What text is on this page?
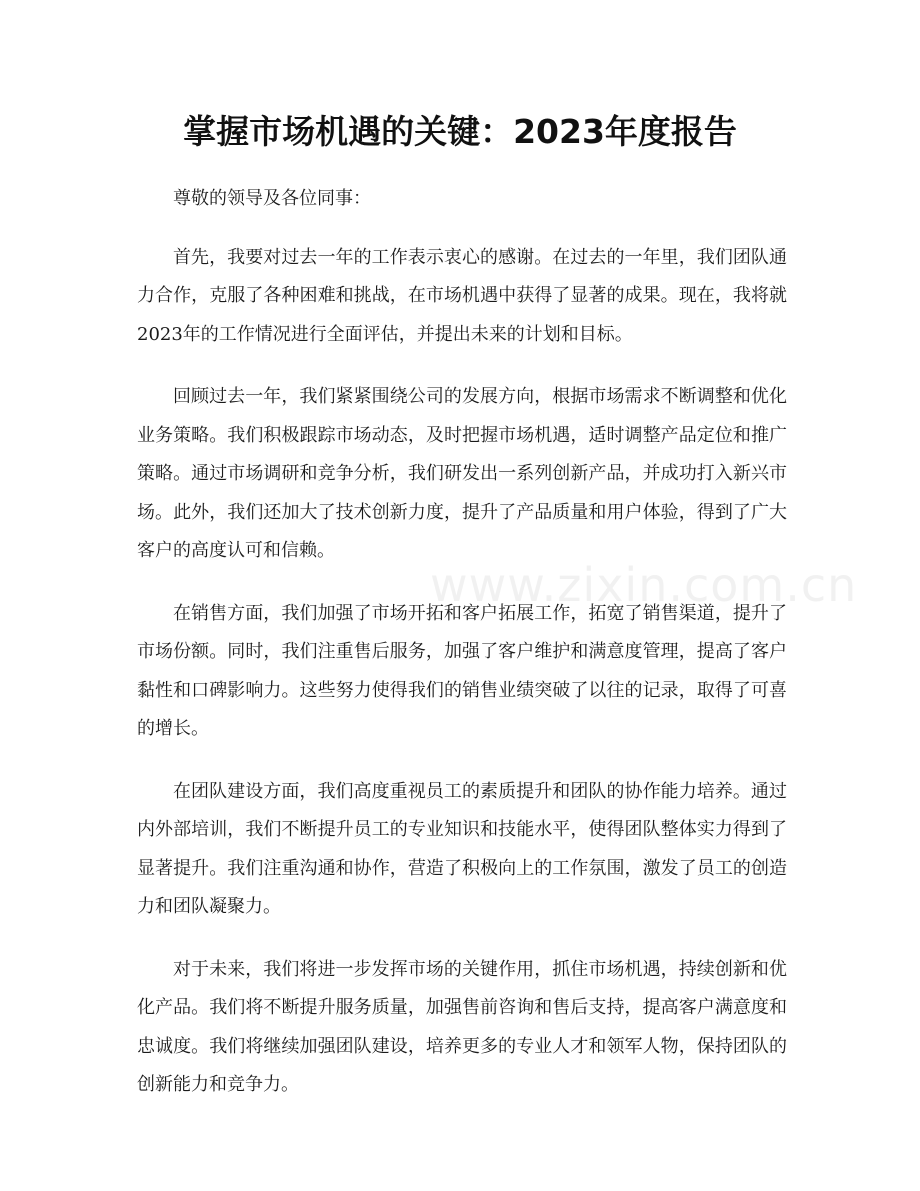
掌握市场机遇的关键：2023年度报告
www.zixin.com.cn

尊敬的领导及各位同事：

首先，我要对过去一年的工作表示衷心的感谢。在过去的一年里，我们团队通力合作，克服了各种困难和挑战，在市场机遇中获得了显著的成果。现在，我将就2023年的工作情况进行全面评估，并提出未来的计划和目标。

回顾过去一年，我们紧紧围绕公司的发展方向，根据市场需求不断调整和优化业务策略。我们积极跟踪市场动态，及时把握市场机遇，适时调整产品定位和推广策略。通过市场调研和竞争分析，我们研发出一系列创新产品，并成功打入新兴市场。此外，我们还加大了技术创新力度，提升了产品质量和用户体验，得到了广大客户的高度认可和信赖。

在销售方面，我们加强了市场开拓和客户拓展工作，拓宽了销售渠道，提升了市场份额。同时，我们注重售后服务，加强了客户维护和满意度管理，提高了客户黏性和口碑影响力。这些努力使得我们的销售业绩突破了以往的记录，取得了可喜的增长。

在团队建设方面，我们高度重视员工的素质提升和团队的协作能力培养。通过内外部培训，我们不断提升员工的专业知识和技能水平，使得团队整体实力得到了显著提升。我们注重沟通和协作，营造了积极向上的工作氛围，激发了员工的创造力和团队凝聚力。

对于未来，我们将进一步发挥市场的关键作用，抓住市场机遇，持续创新和优化产品。我们将不断提升服务质量，加强售前咨询和售后支持，提高客户满意度和忠诚度。我们将继续加强团队建设，培养更多的专业人才和领军人物，保持团队的创新能力和竞争力。
